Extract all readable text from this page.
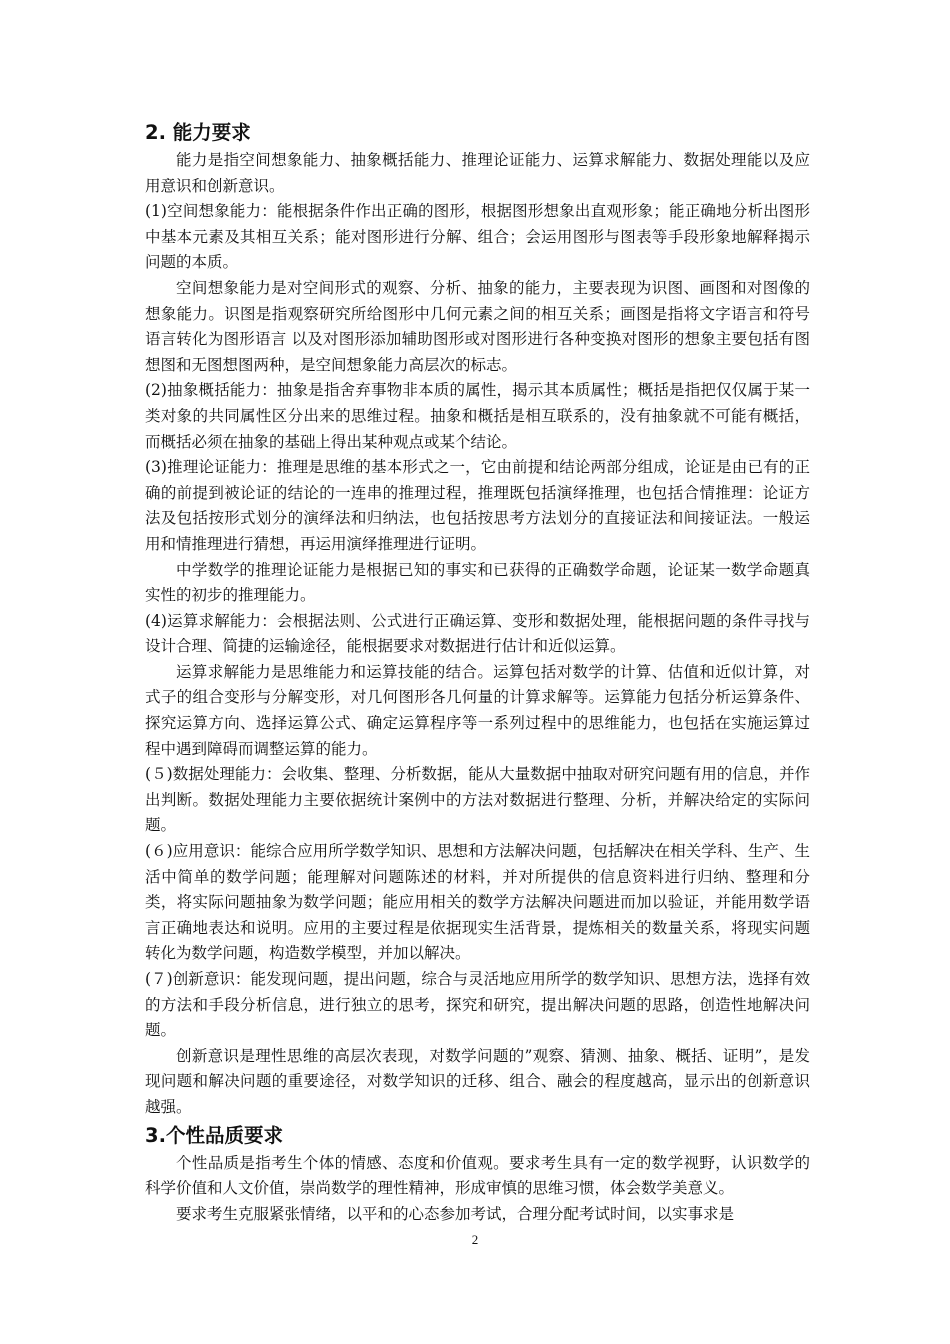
2. 能力要求

能力是指空间想象能力、抽象概括能力、推理论证能力、运算求解能力、数据处理能以及应用意识和创新意识。

(1)空间想象能力：能根据条件作出正确的图形，根据图形想象出直观形象；能正确地分析出图形中基本元素及其相互关系；能对图形进行分解、组合；会运用图形与图表等手段形象地解释揭示问题的本质。

空间想象能力是对空间形式的观察、分析、抽象的能力，主要表现为识图、画图和对图像的想象能力。识图是指观察研究所给图形中几何元素之间的相互关系；画图是指将文字语言和符号语言转化为图形语言 以及对图形添加辅助图形或对图形进行各种变换对图形的想象主要包括有图想图和无图想图两种，是空间想象能力高层次的标志。

(2)抽象概括能力：抽象是指舍弃事物非本质的属性，揭示其本质属性；概括是指把仅仅属于某一类对象的共同属性区分出来的思维过程。抽象和概括是相互联系的，没有抽象就不可能有概括，而概括必须在抽象的基础上得出某种观点或某个结论。

(3)推理论证能力：推理是思维的基本形式之一，它由前提和结论两部分组成，论证是由已有的正确的前提到被论证的结论的一连串的推理过程，推理既包括演绎推理，也包括合情推理：论证方法及包括按形式划分的演绎法和归纳法，也包括按思考方法划分的直接证法和间接证法。一般运用和情推理进行猜想，再运用演绎推理进行证明。

中学数学的推理论证能力是根据已知的事实和已获得的正确数学命题，论证某一数学命题真实性的初步的推理能力。

(4)运算求解能力：会根据法则、公式进行正确运算、变形和数据处理，能根据问题的条件寻找与设计合理、简捷的运输途径，能根据要求对数据进行估计和近似运算。

运算求解能力是思维能力和运算技能的结合。运算包括对数学的计算、估值和近似计算，对式子的组合变形与分解变形，对几何图形各几何量的计算求解等。运算能力包括分析运算条件、探究运算方向、选择运算公式、确定运算程序等一系列过程中的思维能力，也包括在实施运算过程中遇到障碍而调整运算的能力。

(５)数据处理能力：会收集、整理、分析数据，能从大量数据中抽取对研究问题有用的信息，并作出判断。数据处理能力主要依据统计案例中的方法对数据进行整理、分析，并解决给定的实际问题。

(６)应用意识：能综合应用所学数学知识、思想和方法解决问题，包括解决在相关学科、生产、生活中简单的数学问题；能理解对问题陈述的材料，并对所提供的信息资料进行归纳、整理和分类，将实际问题抽象为数学问题；能应用相关的数学方法解决问题进而加以验证，并能用数学语言正确地表达和说明。应用的主要过程是依据现实生活背景，提炼相关的数量关系，将现实问题转化为数学问题，构造数学模型，并加以解决。

(７)创新意识：能发现问题，提出问题，综合与灵活地应用所学的数学知识、思想方法，选择有效的方法和手段分析信息，进行独立的思考，探究和研究，提出解决问题的思路，创造性地解决问题。

创新意识是理性思维的高层次表现，对数学问题的”观察、猜测、抽象、概括、证明”，是发现问题和解决问题的重要途径，对数学知识的迁移、组合、融会的程度越高，显示出的创新意识越强。

3.个性品质要求

个性品质是指考生个体的情感、态度和价值观。要求考生具有一定的数学视野，认识数学的科学价值和人文价值，崇尚数学的理性精神，形成审慎的思维习惯，体会数学美意义。

要求考生克服紧张情绪，以平和的心态参加考试，合理分配考试时间，以实事求是

2
